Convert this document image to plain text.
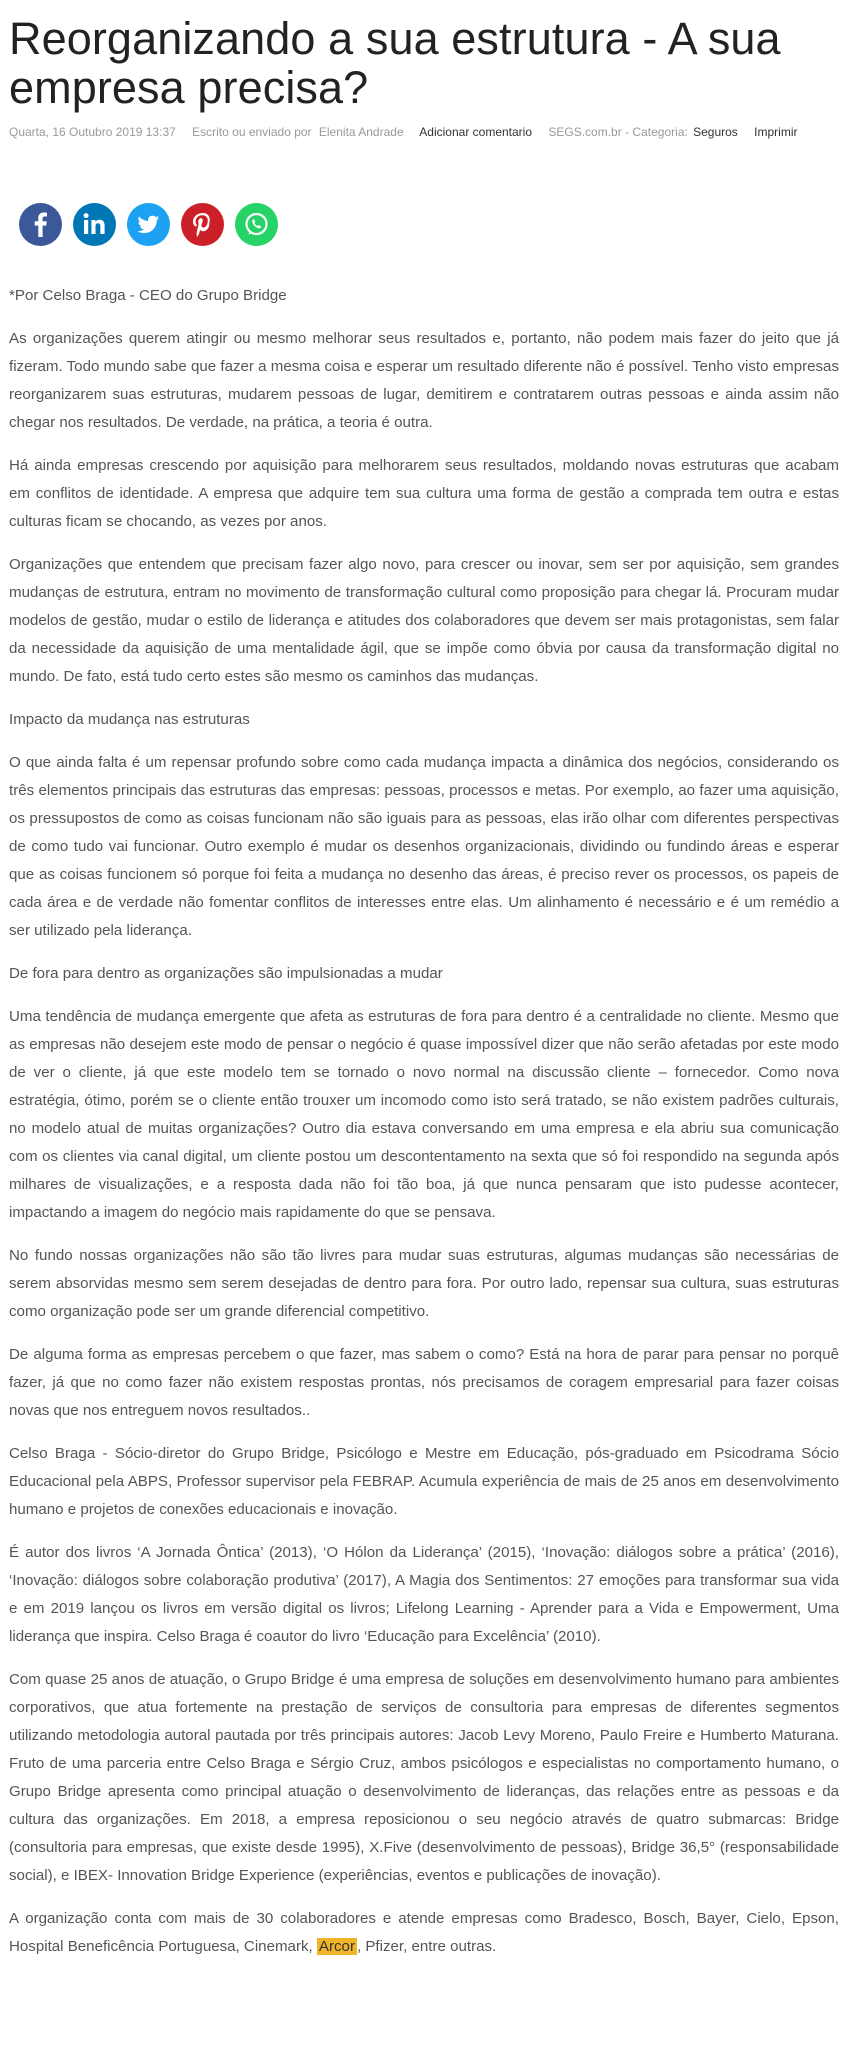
Reorganizando a sua estrutura - A sua empresa precisa?
Quarta, 16 Outubro 2019 13:37 Escrito ou enviado por Elenita Andrade Adicionar comentario SEGS.com.br - Categoria: Seguros Imprimir

*Por Celso Braga - CEO do Grupo Bridge

As organizações querem atingir ou mesmo melhorar seus resultados e, portanto, não podem mais fazer do jeito que já fizeram. Todo mundo sabe que fazer a mesma coisa e esperar um resultado diferente não é possível. Tenho visto empresas reorganizarem suas estruturas, mudarem pessoas de lugar, demitirem e contratarem outras pessoas e ainda assim não chegar nos resultados. De verdade, na prática, a teoria é outra.

Há ainda empresas crescendo por aquisição para melhorarem seus resultados, moldando novas estruturas que acabam em conflitos de identidade. A empresa que adquire tem sua cultura uma forma de gestão a comprada tem outra e estas culturas ficam se chocando, as vezes por anos.

Organizações que entendem que precisam fazer algo novo, para crescer ou inovar, sem ser por aquisição, sem grandes mudanças de estrutura, entram no movimento de transformação cultural como proposição para chegar lá. Procuram mudar modelos de gestão, mudar o estilo de liderança e atitudes dos colaboradores que devem ser mais protagonistas, sem falar da necessidade da aquisição de uma mentalidade ágil, que se impõe como óbvia por causa da transformação digital no mundo. De fato, está tudo certo estes são mesmo os caminhos das mudanças.

Impacto da mudança nas estruturas

O que ainda falta é um repensar profundo sobre como cada mudança impacta a dinâmica dos negócios, considerando os três elementos principais das estruturas das empresas: pessoas, processos e metas. Por exemplo, ao fazer uma aquisição, os pressupostos de como as coisas funcionam não são iguais para as pessoas, elas irão olhar com diferentes perspectivas de como tudo vai funcionar. Outro exemplo é mudar os desenhos organizacionais, dividindo ou fundindo áreas e esperar que as coisas funcionem só porque foi feita a mudança no desenho das áreas, é preciso rever os processos, os papeis de cada área e de verdade não fomentar conflitos de interesses entre elas. Um alinhamento é necessário e é um remédio a ser utilizado pela liderança.

De fora para dentro as organizações são impulsionadas a mudar

Uma tendência de mudança emergente que afeta as estruturas de fora para dentro é a centralidade no cliente. Mesmo que as empresas não desejem este modo de pensar o negócio é quase impossível dizer que não serão afetadas por este modo de ver o cliente, já que este modelo tem se tornado o novo normal na discussão cliente – fornecedor. Como nova estratégia, ótimo, porém se o cliente então trouxer um incomodo como isto será tratado, se não existem padrões culturais, no modelo atual de muitas organizações? Outro dia estava conversando em uma empresa e ela abriu sua comunicação com os clientes via canal digital, um cliente postou um descontentamento na sexta que só foi respondido na segunda após milhares de visualizações, e a resposta dada não foi tão boa, já que nunca pensaram que isto pudesse acontecer, impactando a imagem do negócio mais rapidamente do que se pensava.

No fundo nossas organizações não são tão livres para mudar suas estruturas, algumas mudanças são necessárias de serem absorvidas mesmo sem serem desejadas de dentro para fora. Por outro lado, repensar sua cultura, suas estruturas como organização pode ser um grande diferencial competitivo.

De alguma forma as empresas percebem o que fazer, mas sabem o como? Está na hora de parar para pensar no porquê fazer, já que no como fazer não existem respostas prontas, nós precisamos de coragem empresarial para fazer coisas novas que nos entreguem novos resultados..

Celso Braga - Sócio-diretor do Grupo Bridge, Psicólogo e Mestre em Educação, pós-graduado em Psicodrama Sócio Educacional pela ABPS, Professor supervisor pela FEBRAP. Acumula experiência de mais de 25 anos em desenvolvimento humano e projetos de conexões educacionais e inovação.

É autor dos livros ‘A Jornada Ôntica’ (2013), ‘O Hólon da Liderança’ (2015), ‘Inovação: diálogos sobre a prática’ (2016), ‘Inovação: diálogos sobre colaboração produtiva’ (2017), A Magia dos Sentimentos: 27 emoções para transformar sua vida e em 2019 lançou os livros em versão digital os livros; Lifelong Learning - Aprender para a Vida e Empowerment, Uma liderança que inspira. Celso Braga é coautor do livro ‘Educação para Excelência’ (2010).

Com quase 25 anos de atuação, o Grupo Bridge é uma empresa de soluções em desenvolvimento humano para ambientes corporativos, que atua fortemente na prestação de serviços de consultoria para empresas de diferentes segmentos utilizando metodologia autoral pautada por três principais autores: Jacob Levy Moreno, Paulo Freire e Humberto Maturana. Fruto de uma parceria entre Celso Braga e Sérgio Cruz, ambos psicólogos e especialistas no comportamento humano, o Grupo Bridge apresenta como principal atuação o desenvolvimento de lideranças, das relações entre as pessoas e da cultura das organizações. Em 2018, a empresa reposicionou o seu negócio através de quatro submarcas: Bridge (consultoria para empresas, que existe desde 1995), X.Five (desenvolvimento de pessoas), Bridge 36,5° (responsabilidade social), e IBEX- Innovation Bridge Experience (experiências, eventos e publicações de inovação).

A organização conta com mais de 30 colaboradores e atende empresas como Bradesco, Bosch, Bayer, Cielo, Epson, Hospital Beneficência Portuguesa, Cinemark, Arcor , Pfizer, entre outras.
